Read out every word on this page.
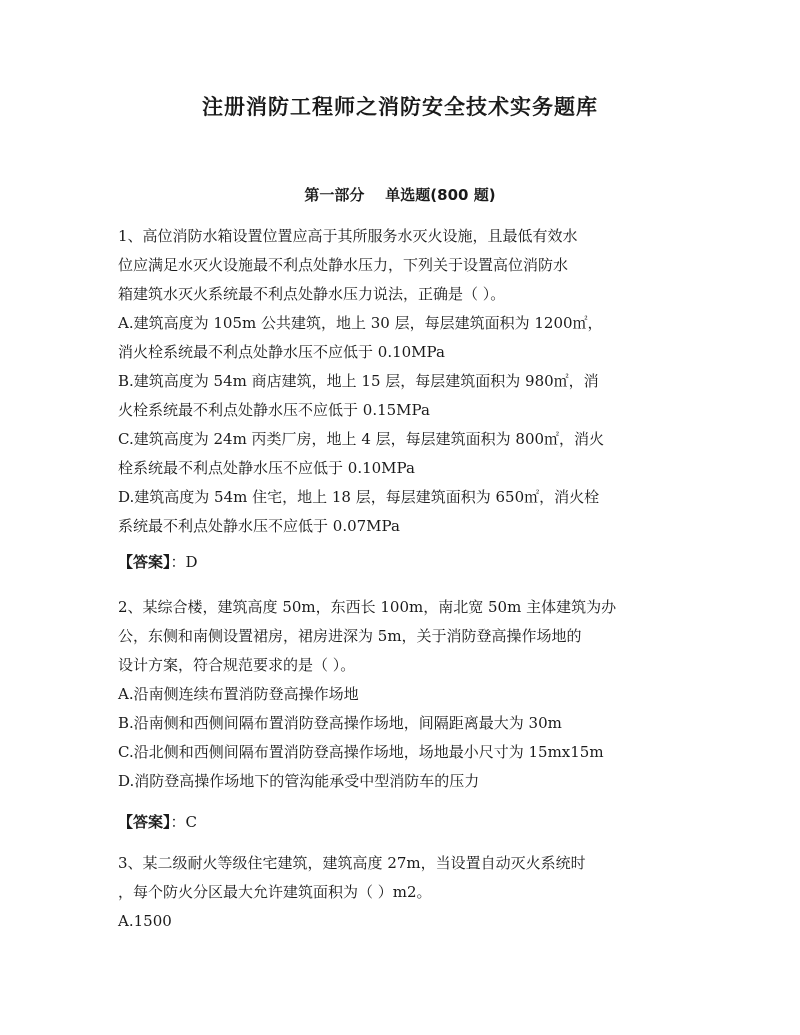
注册消防工程师之消防安全技术实务题库
第一部分    单选题(800 题)
1、高位消防水箱设置位置应高于其所服务水灭火设施，且最低有效水
位应满足水灭火设施最不利点处静水压力，下列关于设置高位消防水
箱建筑水灭火系统最不利点处静水压力说法，正确是（ ）。
A.建筑高度为 105m 公共建筑，地上 30 层，每层建筑面积为 1200㎡，
消火栓系统最不利点处静水压不应低于 0.10MPa
B.建筑高度为 54m 商店建筑，地上 15 层，每层建筑面积为 980㎡，消
火栓系统最不利点处静水压不应低于 0.15MPa
C.建筑高度为 24m 丙类厂房，地上 4 层，每层建筑面积为 800㎡，消火
栓系统最不利点处静水压不应低于 0.10MPa
D.建筑高度为 54m 住宅，地上 18 层，每层建筑面积为 650㎡，消火栓
系统最不利点处静水压不应低于 0.07MPa
【答案】：D
2、某综合楼，建筑高度 50m，东西长 100m，南北宽 50m 主体建筑为办
公，东侧和南侧设置裙房，裙房进深为 5m，关于消防登高操作场地的
设计方案，符合规范要求的是（ ）。
A.沿南侧连续布置消防登高操作场地
B.沿南侧和西侧间隔布置消防登高操作场地，间隔距离最大为 30m
C.沿北侧和西侧间隔布置消防登高操作场地，场地最小尺寸为 15mx15m
D.消防登高操作场地下的管沟能承受中型消防车的压力
【答案】：C
3、某二级耐火等级住宅建筑，建筑高度 27m，当设置自动灭火系统时
，每个防火分区最大允许建筑面积为（ ）m2。
A.1500
